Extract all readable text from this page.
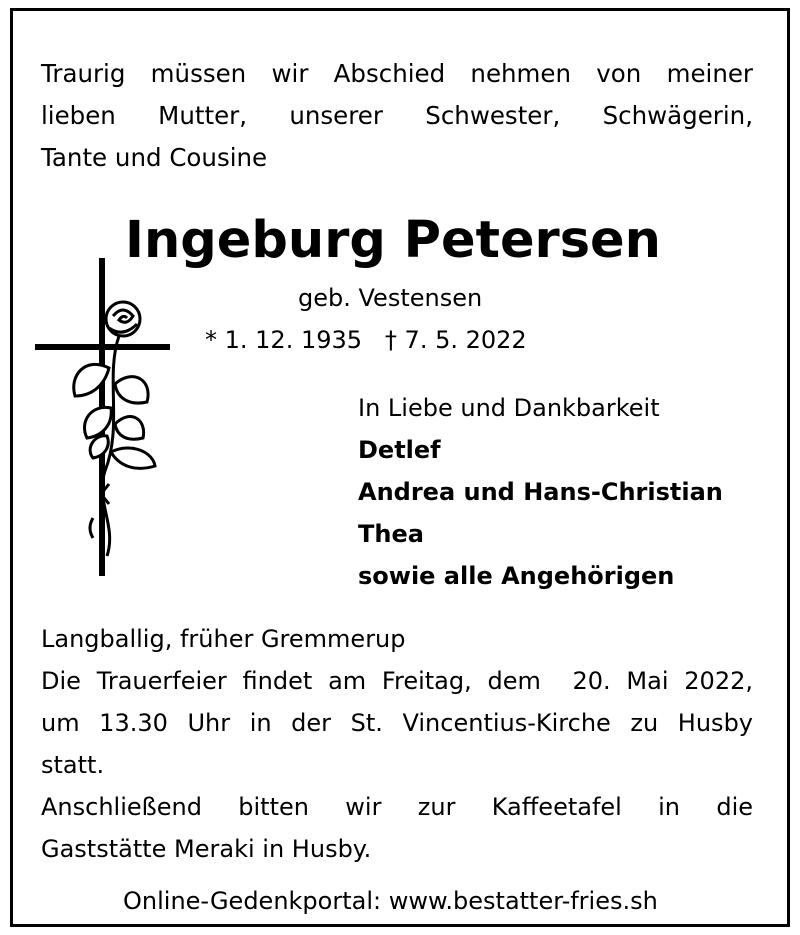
Traurig müssen wir Abschied nehmen von meiner
lieben Mutter, unserer Schwester, Schwägerin,
Tante und Cousine
Ingeburg Petersen
geb. Vestensen
* 1. 12. 1935   † 7. 5. 2022
In Liebe und Dankbarkeit
Detlef
Andrea und Hans-Christian
Thea
sowie alle Angehörigen
Langballig, früher Gremmerup
Die Trauerfeier findet am Freitag, dem  20. Mai 2022,
um 13.30 Uhr in der St. Vincentius-Kirche zu Husby
statt.
Anschließend bitten wir zur Kaffeetafel in die
Gaststätte Meraki in Husby.
Online-Gedenkportal: www.bestatter-fries.sh
